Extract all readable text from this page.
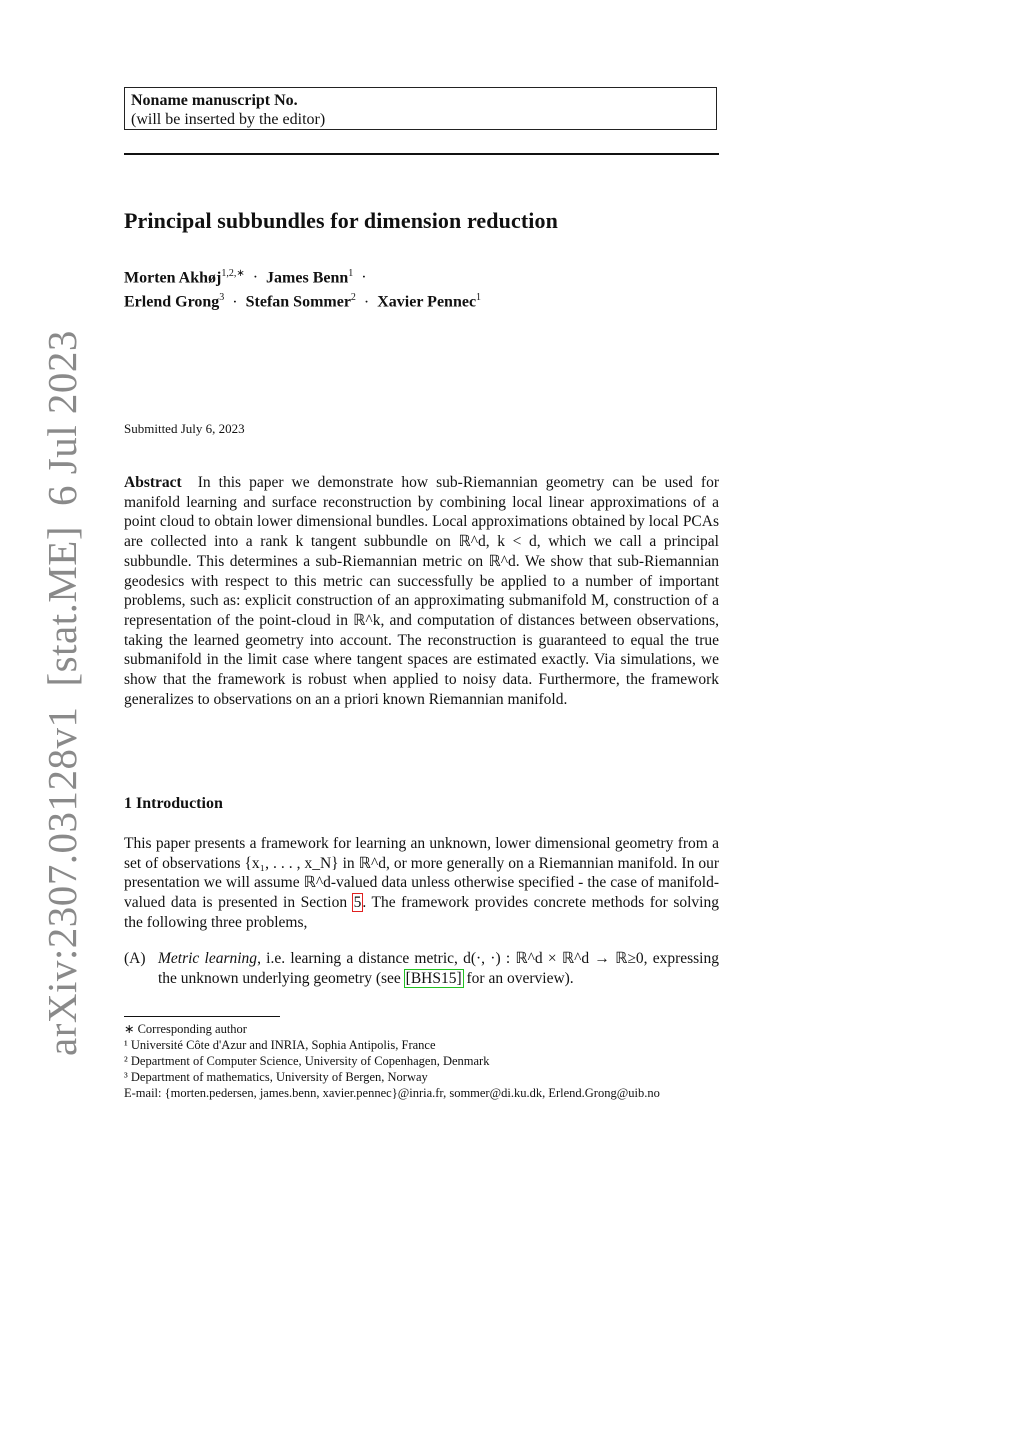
Noname manuscript No.
(will be inserted by the editor)
Principal subbundles for dimension reduction
Morten Akhøj$^{1,2,∗}$ · James Benn$^1$ ·
Erlend Grong$^3$ · Stefan Sommer$^2$ · Xavier Pennec$^1$
Submitted July 6, 2023
Abstract In this paper we demonstrate how sub-Riemannian geometry can be used for manifold learning and surface reconstruction by combining local linear approximations of a point cloud to obtain lower dimensional bundles. Local approximations obtained by local PCAs are collected into a rank k tangent subbundle on ℝ^d, k < d, which we call a principal subbundle. This determines a sub-Riemannian metric on ℝ^d. We show that sub-Riemannian geodesics with respect to this metric can successfully be applied to a number of important problems, such as: explicit construction of an approximating submanifold M, construction of a representation of the point-cloud in ℝ^k, and computation of distances between observations, taking the learned geometry into account. The reconstruction is guaranteed to equal the true submanifold in the limit case where tangent spaces are estimated exactly. Via simulations, we show that the framework is robust when applied to noisy data. Furthermore, the framework generalizes to observations on an a priori known Riemannian manifold.
1 Introduction
This paper presents a framework for learning an unknown, lower dimensional geometry from a set of observations {x₁, . . . , x_N} in ℝ^d, or more generally on a Riemannian manifold. In our presentation we will assume ℝ^d-valued data unless otherwise specified - the case of manifold-valued data is presented in Section 5. The framework provides concrete methods for solving the following three problems,
(A) Metric learning, i.e. learning a distance metric, d(·, ·) : ℝ^d × ℝ^d → ℝ≥0, expressing the unknown underlying geometry (see [BHS15] for an overview).
∗ Corresponding author
¹ Université Côte d'Azur and INRIA, Sophia Antipolis, France
² Department of Computer Science, University of Copenhagen, Denmark
³ Department of mathematics, University of Bergen, Norway
E-mail: {morten.pedersen, james.benn, xavier.pennec}@inria.fr, sommer@di.ku.dk, Erlend.Grong@uib.no
arXiv:2307.03128v1[stat.ME]6 Jul 2023
